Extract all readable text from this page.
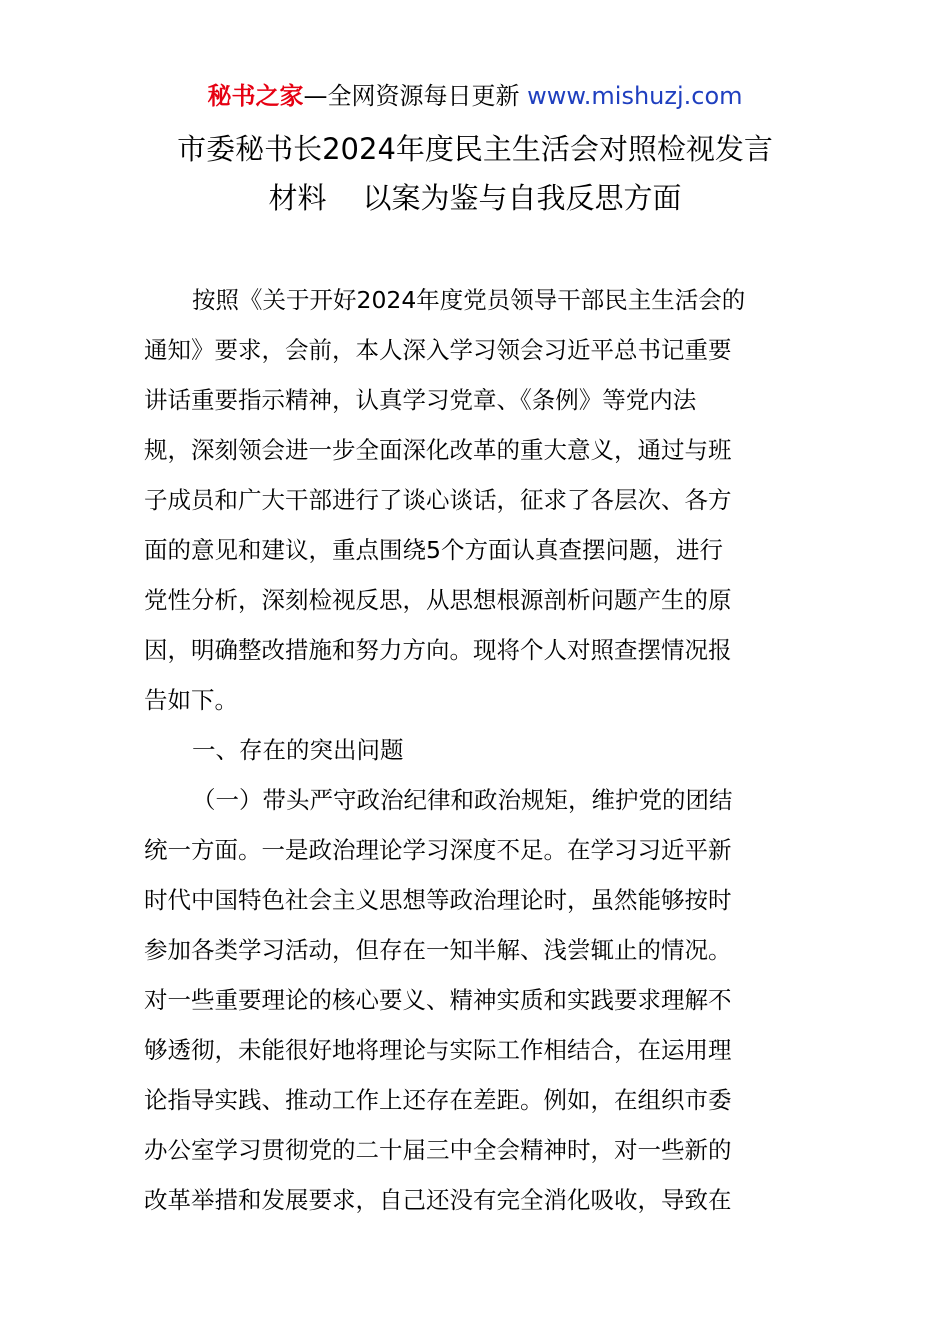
秘书之家—全网资源每日更新 www.mishuzj.com
市委秘书长2024年度民主生活会对照检视发言
材料 以案为鉴与自我反思方面
按照《关于开好2024年度党员领导干部民主生活会的
通知》要求，会前，本人深入学习领会习近平总书记重要
讲话重要指示精神，认真学习党章、《条例》等党内法
规，深刻领会进一步全面深化改革的重大意义，通过与班
子成员和广大干部进行了谈心谈话，征求了各层次、各方
面的意见和建议，重点围绕5个方面认真查摆问题，进行
党性分析，深刻检视反思，从思想根源剖析问题产生的原
因，明确整改措施和努力方向。现将个人对照查摆情况报
告如下。
一、存在的突出问题
（一）带头严守政治纪律和政治规矩，维护党的团结
统一方面。一是政治理论学习深度不足。在学习习近平新
时代中国特色社会主义思想等政治理论时，虽然能够按时
参加各类学习活动，但存在一知半解、浅尝辄止的情况。
对一些重要理论的核心要义、精神实质和实践要求理解不
够透彻，未能很好地将理论与实际工作相结合，在运用理
论指导实践、推动工作上还存在差距。例如，在组织市委
办公室学习贯彻党的二十届三中全会精神时，对一些新的
改革举措和发展要求，自己还没有完全消化吸收，导致在
